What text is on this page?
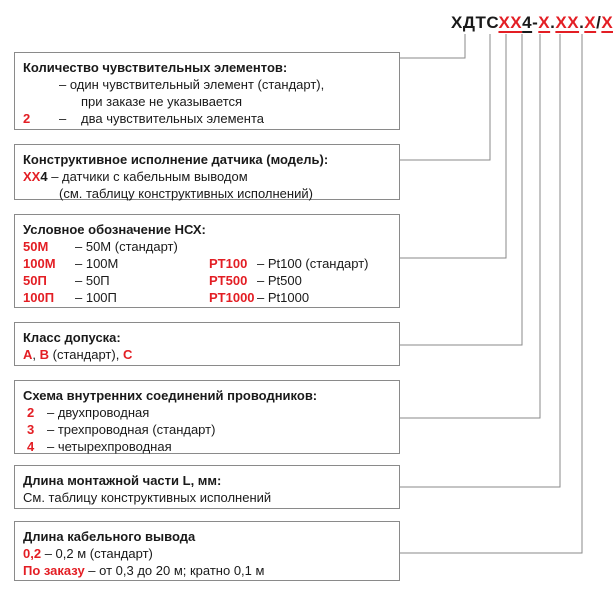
ХДТСХХ4-Х.ХХ.Х/Х
Количество чувствительных элементов:
– один чувствительный элемент (стандарт),
при заказе не указывается
2 – два чувствительных элемента
Конструктивное исполнение датчика (модель):
ХХ4 – датчики с кабельным выводом
(см. таблицу конструктивных исполнений)
Условное обозначение НСХ:
50М	– 50М (стандарт)
100М	– 100М	PT100 – Pt100 (стандарт)
50П	– 50П	PT500 – Pt500
100П	– 100П	PT1000 – Pt1000
Класс допуска:
А, В (стандарт), С
Схема внутренних соединений проводников:
2 – двухпроводная
3 – трехпроводная (стандарт)
4 – четырехпроводная
Длина монтажной части L, мм:
См. таблицу конструктивных исполнений
Длина кабельного вывода
0,2 – 0,2 м (стандарт)
По заказу – от 0,3 до 20 м; кратно 0,1 м
